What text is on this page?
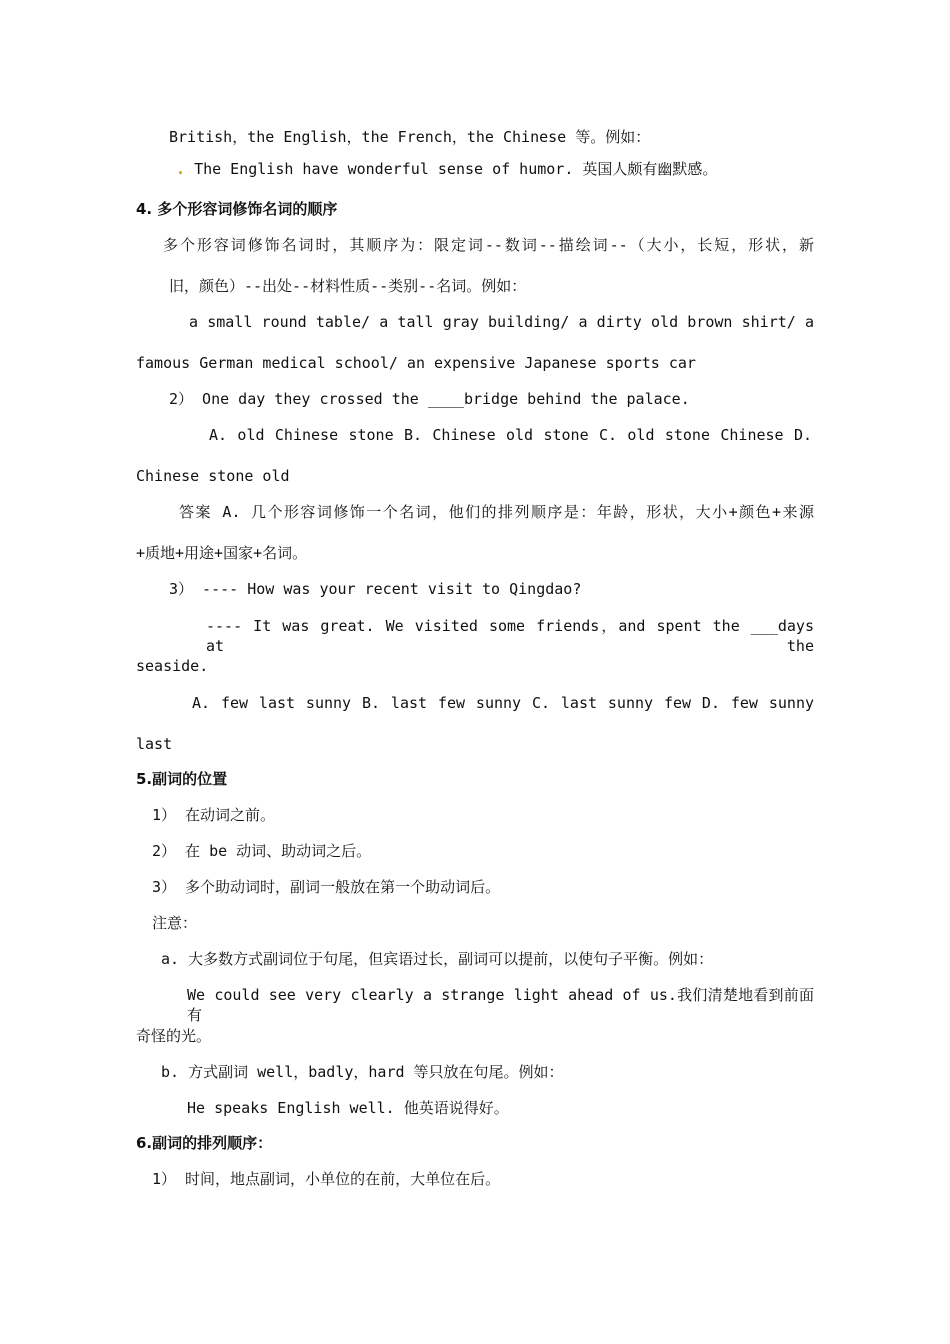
British，the English，the French，the Chinese 等。例如：
. The English have wonderful sense of humor. 英国人颇有幽默感。
4. 多个形容词修饰名词的顺序
多个形容词修饰名词时，其顺序为：限定词--数词--描绘词--（大小，长短，形状，新
旧，颜色）--出处--材料性质--类别--名词。例如：
a small round table/ a tall gray building/ a dirty old brown shirt/ a
famous German medical school/ an expensive Japanese sports car
2） One day they crossed the ____bridge behind the palace.
A. old Chinese stone B. Chinese old stone C. old stone Chinese D.
Chinese stone old
答案 A. 几个形容词修饰一个名词，他们的排列顺序是：年龄，形状，大小+颜色+来源
+质地+用途+国家+名词。
3） ---- How was your recent visit to Qingdao?
---- It was great. We visited some friends，and spent the ___days at the
seaside.
A. few last sunny B. last few sunny C. last sunny few D. few sunny
last
5.副词的位置
1） 在动词之前。
2） 在 be 动词、助动词之后。
3） 多个助动词时，副词一般放在第一个助动词后。
注意：
a. 大多数方式副词位于句尾，但宾语过长，副词可以提前，以使句子平衡。例如：
We could see very clearly a strange light ahead of us.我们清楚地看到前面有
奇怪的光。
b. 方式副词 well，badly，hard 等只放在句尾。例如：
He speaks English well. 他英语说得好。
6.副词的排列顺序：
1） 时间，地点副词，小单位的在前，大单位在后。
